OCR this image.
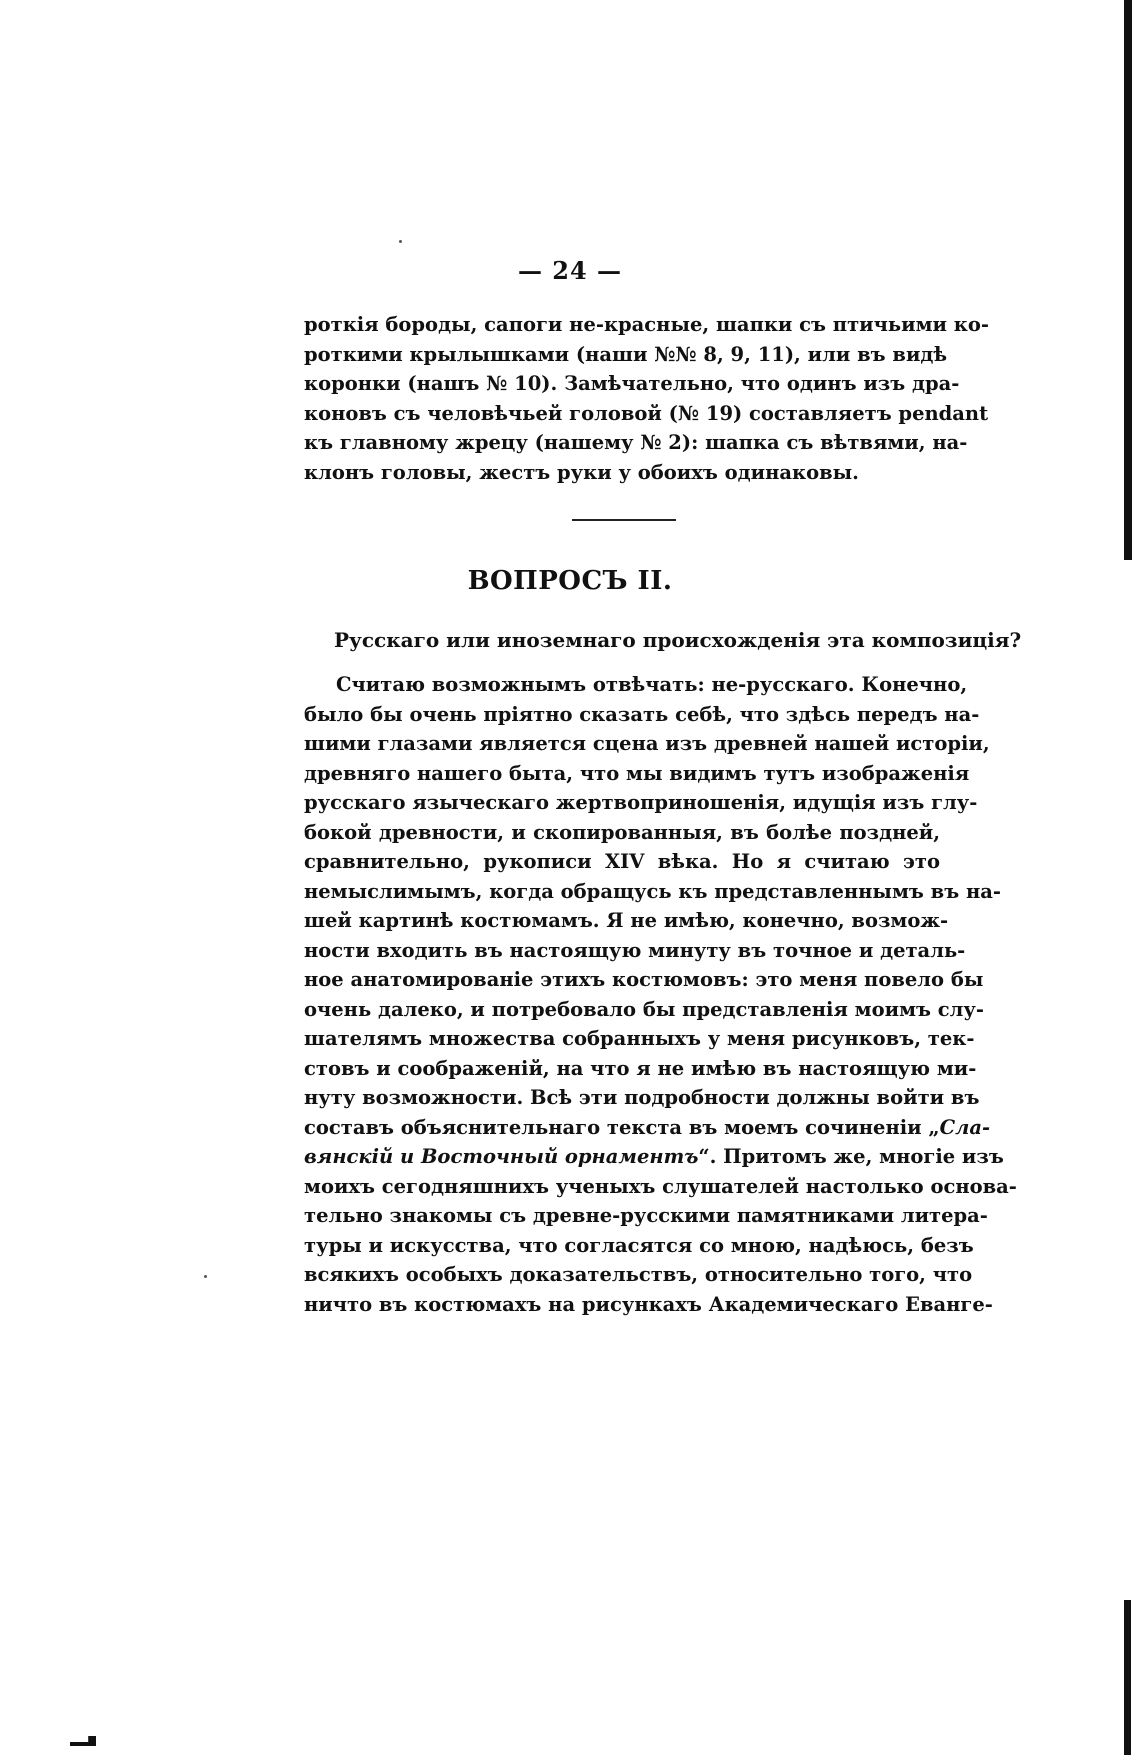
— 24 —
роткія бороды, сапоги не-красные, шапки съ птичьими ко-
роткими крылышками (наши №№ 8, 9, 11), или въ видѣ
коронки (нашъ № 10). Замѣчательно, что одинъ изъ дра-
коновъ съ человѣчьей головой (№ 19) составляетъ pendant
къ главному жрецу (нашему № 2): шапка съ вѣтвями, на-
клонъ головы, жестъ руки у обоихъ одинаковы.
ВОПРОСЪ II.
Русскаго или иноземнаго происхожденія эта композиція?
Считаю возможнымъ отвѣчать: не-русскаго. Конечно,
было бы очень пріятно сказать себѣ, что здѣсь передъ на-
шими глазами является сцена изъ древней нашей исторіи,
древняго нашего быта, что мы видимъ тутъ изображенія
русскаго языческаго жертвоприношенія, идущія изъ глу-
бокой древности, и скопированныя, въ болѣе поздней,
сравнительно, рукописи XIV вѣка. Но я считаю это
немыслимымъ, когда обращусь къ представленнымъ въ на-
шей картинѣ костюмамъ. Я не имѣю, конечно, возмож-
ности входить въ настоящую минуту въ точное и деталь-
ное анатомированіе этихъ костюмовъ: это меня повело бы
очень далеко, и потребовало бы представленія моимъ слу-
шателямъ множества собранныхъ у меня рисунковъ, тек-
стовъ и соображеній, на что я не имѣю въ настоящую ми-
нуту возможности. Всѣ эти подробности должны войти въ
составъ объяснительнаго текста въ моемъ сочиненіи „Сла-
вянскій и Восточный орнаментъ“. Притомъ же, многіе изъ
моихъ сегодняшнихъ ученыхъ слушателей настолько основа-
тельно знакомы съ древне-русскими памятниками литера-
туры и искусства, что согласятся со мною, надѣюсь, безъ
всякихъ особыхъ доказательствъ, относительно того, что
ничто въ костюмахъ на рисункахъ Академическаго Еванге-
